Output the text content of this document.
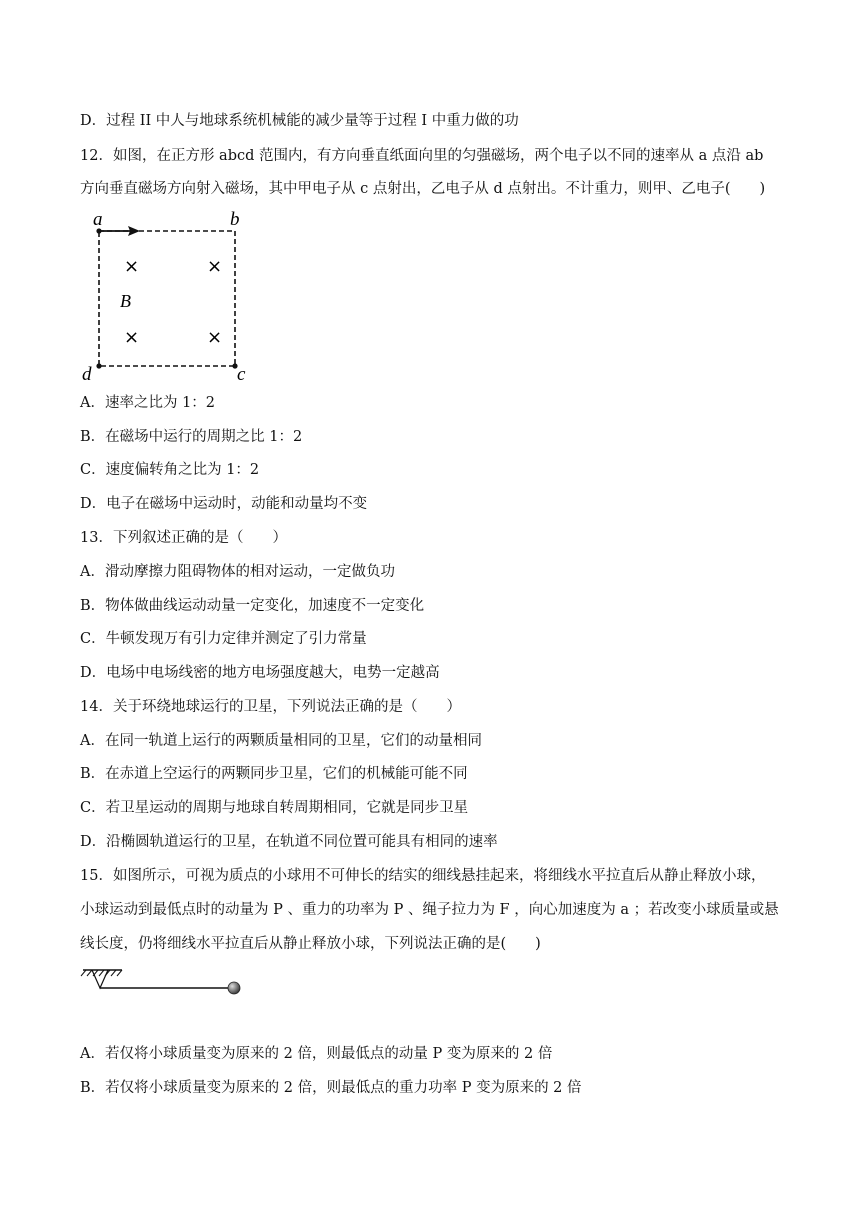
D．过程 II 中人与地球系统机械能的减少量等于过程 I 中重力做的功
12．如图，在正方形 abcd 范围内，有方向垂直纸面向里的匀强磁场，两个电子以不同的速率从 a 点沿 ab
方向垂直磁场方向射入磁场，其中甲电子从 c 点射出，乙电子从 d 点射出。不计重力，则甲、乙电子(　　)
a	b
d	c
B
×	×
×	×
A．速率之比为 1：2
B．在磁场中运行的周期之比 1：2
C．速度偏转角之比为 1：2
D．电子在磁场中运动时，动能和动量均不变
13．下列叙述正确的是（　　）
A．滑动摩擦力阻碍物体的相对运动，一定做负功
B．物体做曲线运动动量一定变化，加速度不一定变化
C．牛顿发现万有引力定律并测定了引力常量
D．电场中电场线密的地方电场强度越大，电势一定越高
14．关于环绕地球运行的卫星，下列说法正确的是（　　）
A．在同一轨道上运行的两颗质量相同的卫星，它们的动量相同
B．在赤道上空运行的两颗同步卫星，它们的机械能可能不同
C．若卫星运动的周期与地球自转周期相同，它就是同步卫星
D．沿椭圆轨道运行的卫星，在轨道不同位置可能具有相同的速率
15．如图所示，可视为质点的小球用不可伸长的结实的细线悬挂起来，将细线水平拉直后从静止释放小球，
小球运动到最低点时的动量为 P 、重力的功率为 P 、绳子拉力为 F ，向心加速度为 a ；若改变小球质量或悬
线长度，仍将细线水平拉直后从静止释放小球，下列说法正确的是(　　)
A．若仅将小球质量变为原来的 2 倍，则最低点的动量 P 变为原来的 2 倍
B．若仅将小球质量变为原来的 2 倍，则最低点的重力功率 P 变为原来的 2 倍
